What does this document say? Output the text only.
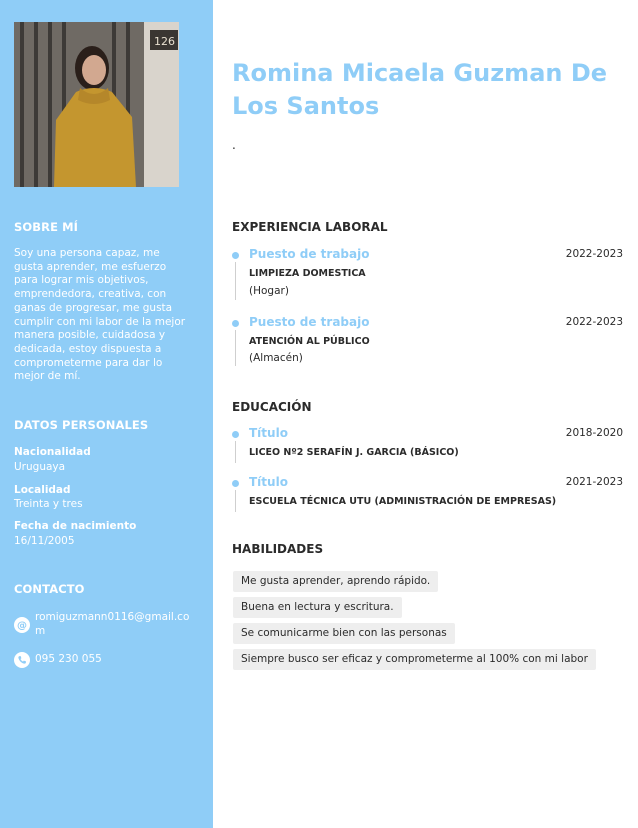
126
SOBRE MÍ
Soy una persona capaz, me gusta aprender, me esfuerzo para lograr mis objetivos, emprendedora, creativa, con ganas de progresar, me gusta cumplir con mi labor de la mejor manera posible, cuidadosa y dedicada, estoy dispuesta a comprometerme para dar lo mejor de mí.
DATOS PERSONALES
Nacionalidad
Uruguaya
Localidad
Treinta y tres
Fecha de nacimiento
16/11/2005
CONTACTO
@
romiguzmann0116@gmail.com
095 230 055
Romina Micaela Guzman De Los Santos
.
EXPERIENCIA LABORAL
Puesto de trabajo	2022-2023
LIMPIEZA DOMESTICA
(Hogar)
Puesto de trabajo	2022-2023
ATENCIÓN AL PÚBLICO
(Almacén)
EDUCACIÓN
Título	2018-2020
LICEO Nº2 SERAFÍN J. GARCIA (BÁSICO)
Título	2021-2023
ESCUELA TÉCNICA UTU (ADMINISTRACIÓN DE EMPRESAS)
HABILIDADES
Me gusta aprender, aprendo rápido.
Buena en lectura y escritura.
Se comunicarme bien con las personas
Siempre busco ser eficaz y comprometerme al 100% con mi labor
